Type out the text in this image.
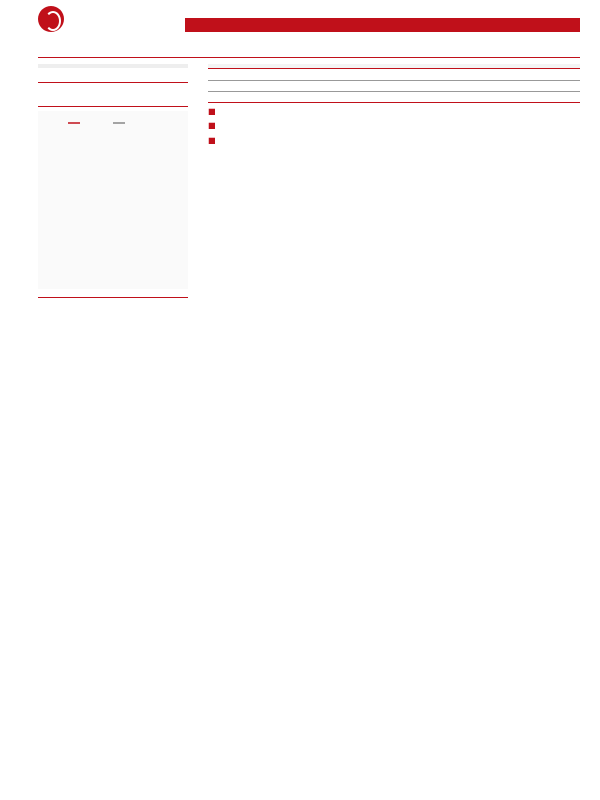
■
■
■
